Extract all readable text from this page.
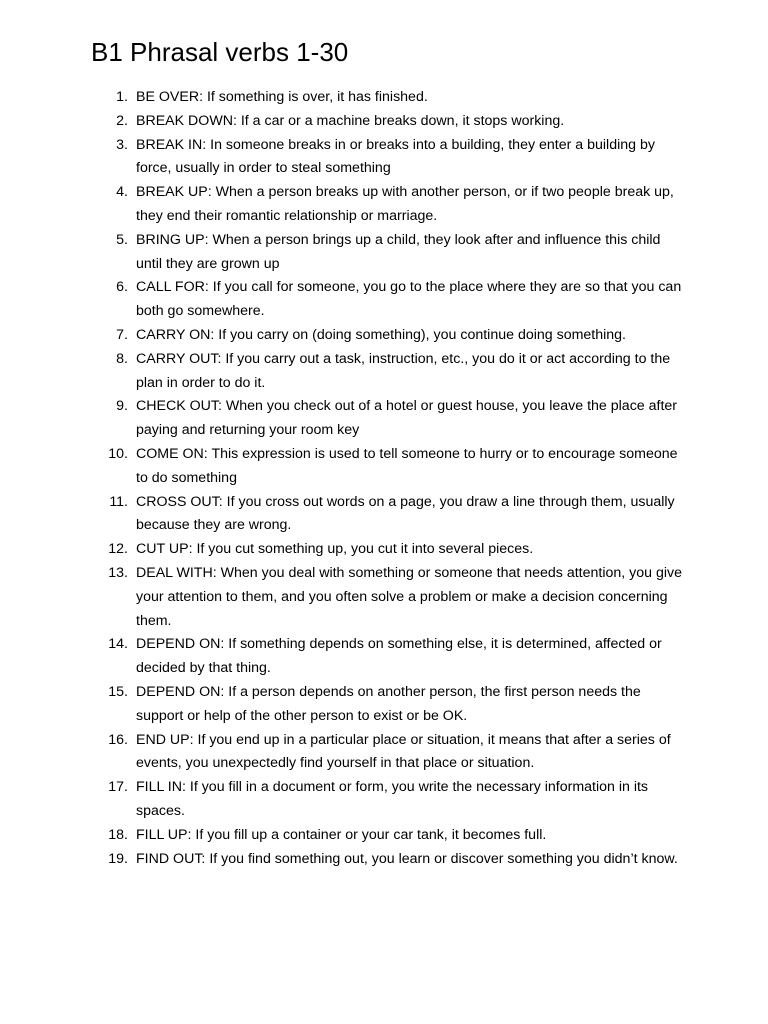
B1 Phrasal verbs 1-30
1. BE OVER: If something is over, it has finished.
2. BREAK DOWN: If a car or a machine breaks down, it stops working.
3. BREAK IN: In someone breaks in or breaks into a building, they enter a building by force, usually in order to steal something
4. BREAK UP: When a person breaks up with another person, or if two people break up, they end their romantic relationship or marriage.
5. BRING UP: When a person brings up a child, they look after and influence this child until they are grown up
6. CALL FOR: If you call for someone, you go to the place where they are so that you can both go somewhere.
7. CARRY ON: If you carry on (doing something), you continue doing something.
8. CARRY OUT: If you carry out a task, instruction, etc., you do it or act according to the plan in order to do it.
9. CHECK OUT: When you check out of a hotel or guest house, you leave the place after paying and returning your room key
10. COME ON: This expression is used to tell someone to hurry or to encourage someone to do something
11. CROSS OUT: If you cross out words on a page, you draw a line through them, usually because they are wrong.
12. CUT UP: If you cut something up, you cut it into several pieces.
13. DEAL WITH: When you deal with something or someone that needs attention, you give your attention to them, and you often solve a problem or make a decision concerning them.
14. DEPEND ON: If something depends on something else, it is determined, affected or decided by that thing.
15. DEPEND ON: If a person depends on another person, the first person needs the support or help of the other person to exist or be OK.
16. END UP: If you end up in a particular place or situation, it means that after a series of events, you unexpectedly find yourself in that place or situation.
17. FILL IN: If you fill in a document or form, you write the necessary information in its spaces.
18. FILL UP: If you fill up a container or your car tank, it becomes full.
19. FIND OUT: If you find something out, you learn or discover something you didn’t know.
